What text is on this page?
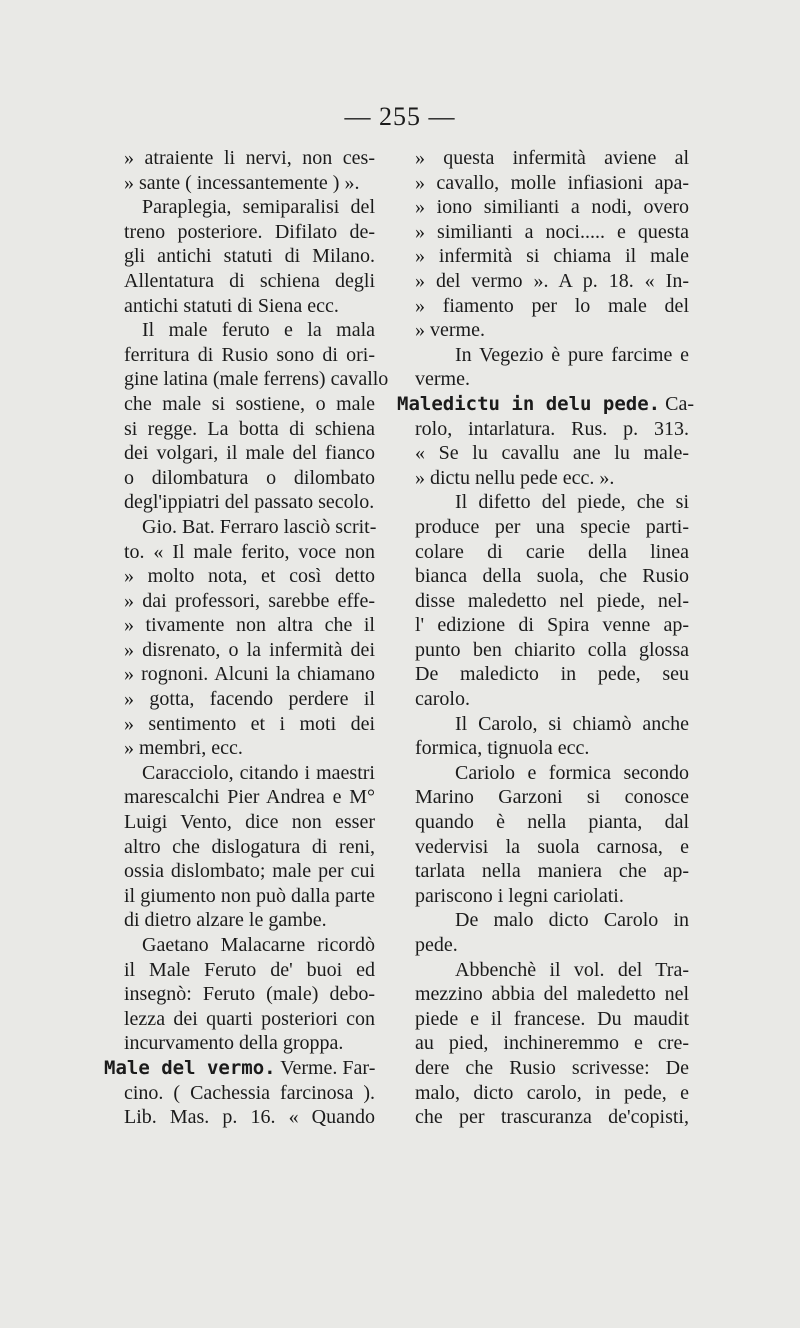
— 255 —
» atraiente li nervi, non ces-
» sante ( incessantemente ) ».
Paraplegia, semiparalisi del
treno posteriore. Difilato de-
gli antichi statuti di Milano.
Allentatura di schiena degli
antichi statuti di Siena ecc.
Il male feruto e la mala
ferritura di Rusio sono di ori-
gine latina (male ferrens) cavallo
che male si sostiene, o male
si regge. La botta di schiena
dei volgari, il male del fianco
o dilombatura o dilombato
degl'ippiatri del passato secolo.
Gio. Bat. Ferraro lasciò scrit-
to. « Il male ferito, voce non
» molto nota, et così detto
» dai professori, sarebbe effe-
» tivamente non altra che il
» disrenato, o la infermità dei
» rognoni. Alcuni la chiamano
» gotta, facendo perdere il
» sentimento et i moti dei
» membri, ecc.
Caracciolo, citando i maestri
marescalchi Pier Andrea e M°
Luigi Vento, dice non esser
altro che dislogatura di reni,
ossia dislombato; male per cui
il giumento non può dalla parte
di dietro alzare le gambe.
Gaetano Malacarne ricordò
il Male Feruto de' buoi ed
insegnò: Feruto (male) debo-
lezza dei quarti posteriori con
incurvamento della groppa.
Male del vermo. Verme. Far-
cino. ( Cachessia farcinosa ).
Lib. Mas. p. 16. « Quando
» questa infermità aviene al
» cavallo, molle infiasioni apa-
» iono similianti a nodi, overo
» similianti a noci..... e questa
» infermità si chiama il male
» del vermo ». A p. 18. « In-
» fiamento per lo male del
» verme.
In Vegezio è pure farcime e
verme.
Maledictu in delu pede. Ca-
rolo, intarlatura. Rus. p. 313.
« Se lu cavallu ane lu male-
» dictu nellu pede ecc. ».
Il difetto del piede, che si
produce per una specie parti-
colare di carie della linea
bianca della suola, che Rusio
disse maledetto nel piede, nel-
l' edizione di Spira venne ap-
punto ben chiarito colla glossa
De maledicto in pede, seu
carolo.
Il Carolo, si chiamò anche
formica, tignuola ecc.
Cariolo e formica secondo
Marino Garzoni si conosce
quando è nella pianta, dal
vedervisi la suola carnosa, e
tarlata nella maniera che ap-
pariscono i legni cariolati.
De malo dicto Carolo in
pede.
Abbenchè il vol. del Tra-
mezzino abbia del maledetto nel
piede e il francese. Du maudit
au pied, inchineremmo e cre-
dere che Rusio scrivesse: De
malo, dicto carolo, in pede, e
che per trascuranza de'copisti,
